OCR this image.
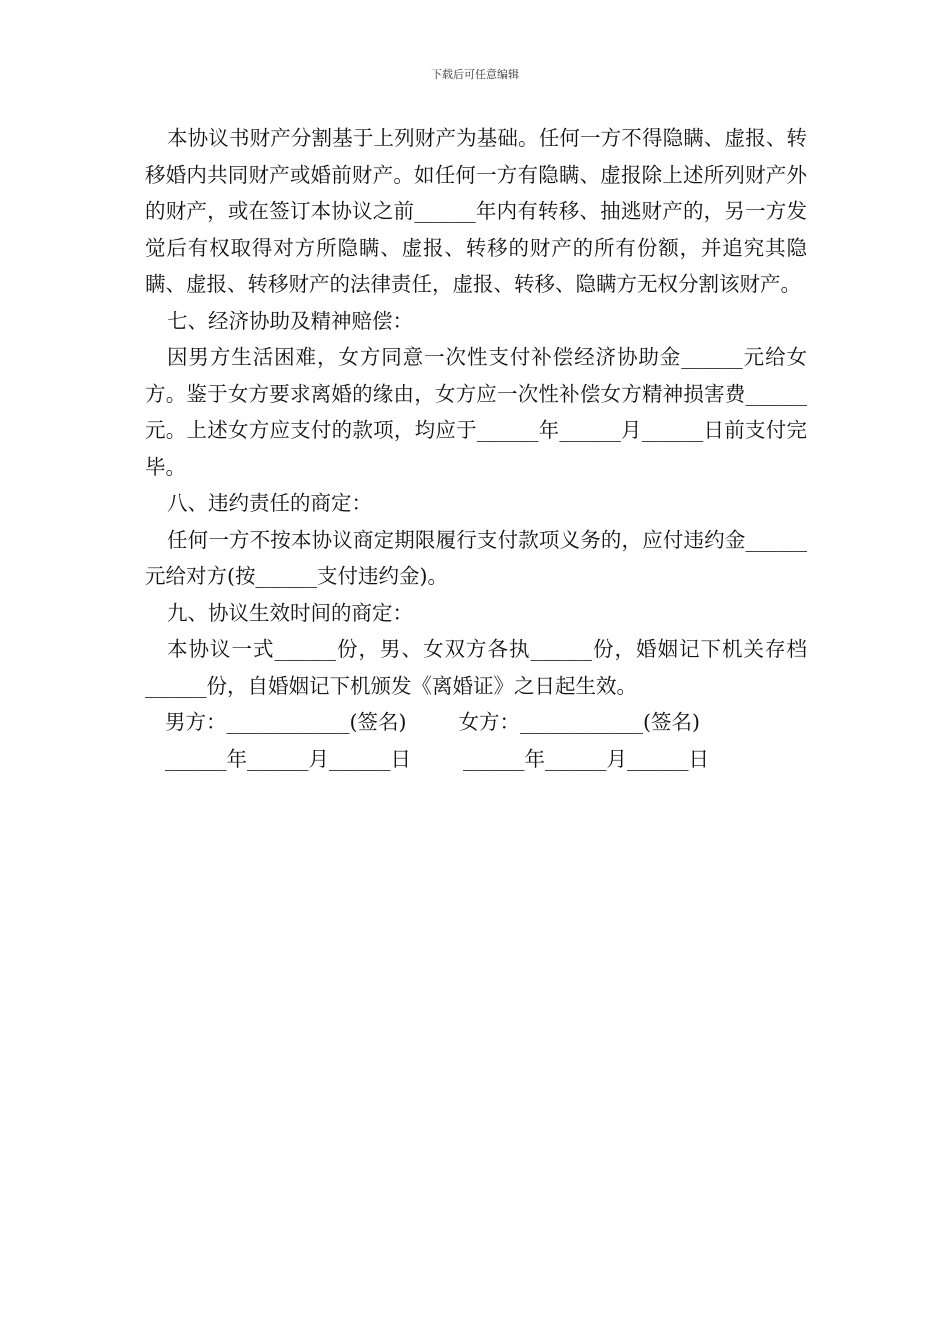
下载后可任意编辑

本协议书财产分割基于上列财产为基础。任何一方不得隐瞒、虚报、转移婚内共同财产或婚前财产。如任何一方有隐瞒、虚报除上述所列财产外的财产，或在签订本协议之前______年内有转移、抽逃财产的，另一方发觉后有权取得对方所隐瞒、虚报、转移的财产的所有份额，并追究其隐瞒、虚报、转移财产的法律责任，虚报、转移、隐瞒方无权分割该财产。

七、经济协助及精神赔偿：

因男方生活困难，女方同意一次性支付补偿经济协助金______元给女方。鉴于女方要求离婚的缘由，女方应一次性补偿女方精神损害费______元。上述女方应支付的款项，均应于______年______月______日前支付完毕。

八、违约责任的商定：

任何一方不按本协议商定期限履行支付款项义务的，应付违约金______元给对方(按______支付违约金)。

九、协议生效时间的商定：

本协议一式______份，男、女双方各执______份，婚姻记下机关存档______份，自婚姻记下机颁发《离婚证》之日起生效。

男方：____________(签名)	女方：____________(签名)
______年______月______日	______年______月______日
